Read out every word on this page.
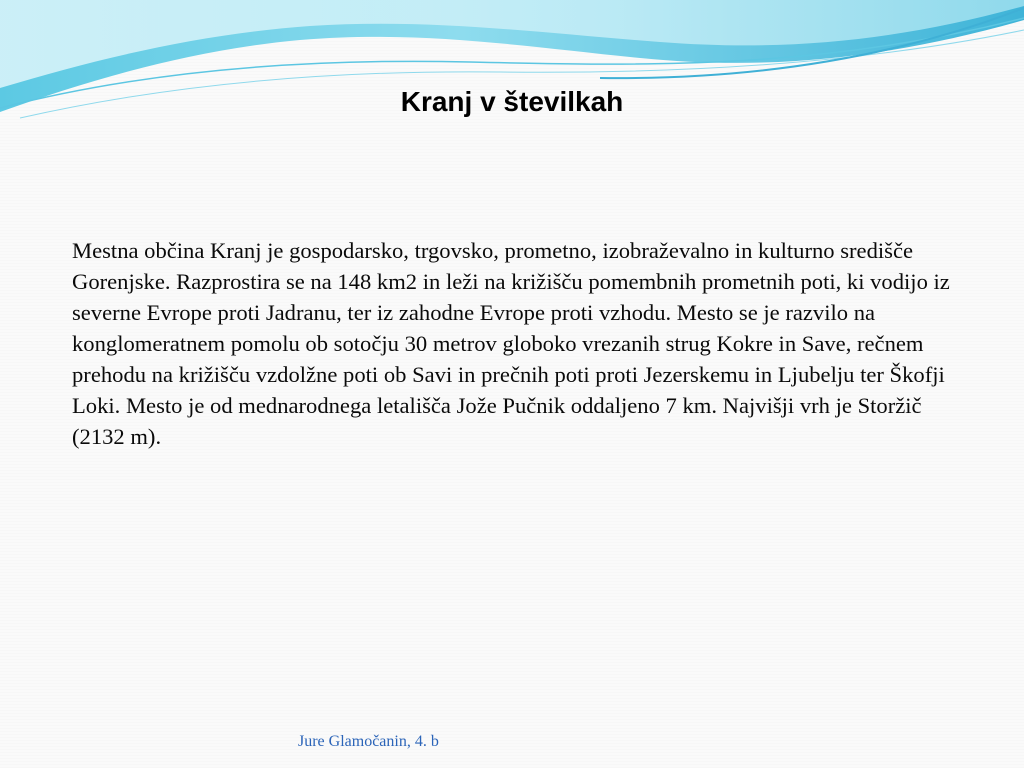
Kranj v številkah

Mestna občina Kranj je gospodarsko, trgovsko, prometno, izobraževalno in kulturno središče Gorenjske. Razprostira se na 148 km2 in leži na križišču pomembnih prometnih poti, ki vodijo iz severne Evrope proti Jadranu, ter iz zahodne Evrope proti vzhodu. Mesto se je razvilo na konglomeratnem pomolu ob sotočju 30 metrov globoko vrezanih strug Kokre in Save, rečnem prehodu na križišču vzdolžne poti ob Savi in prečnih poti proti Jezerskemu in Ljubelju ter Škofji Loki. Mesto je od mednarodnega letališča Jože Pučnik oddaljeno 7 km. Najvišji vrh je Storžič (2132 m).

Jure Glamočanin, 4. b
